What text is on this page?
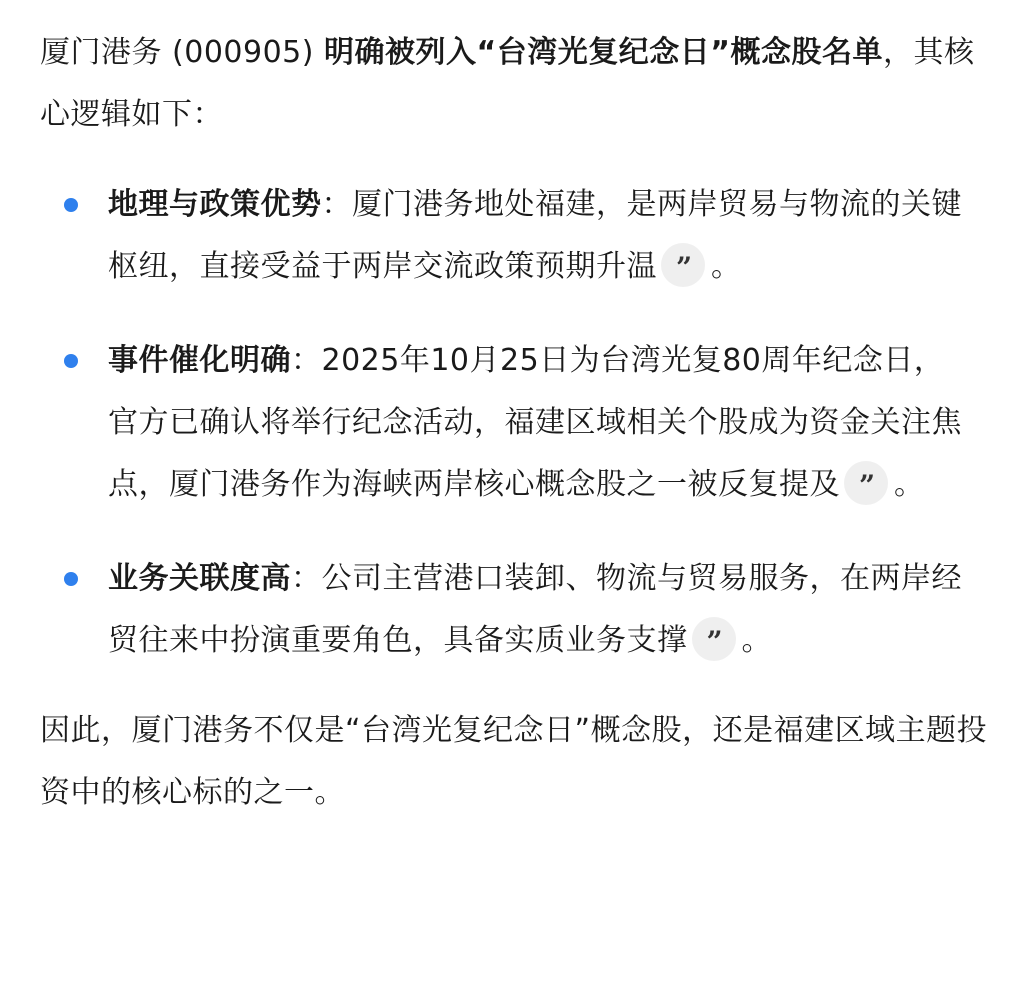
厦门港务 (000905) 明确被列入“台湾光复纪念日”概念股名单，其核心逻辑如下：

地理与政策优势：厦门港务地处福建，是两岸贸易与物流的关键枢纽，直接受益于两岸交流政策预期升温 ” 。
事件催化明确：2025年10月25日为台湾光复80周年纪念日，官方已确认将举行纪念活动，福建区域相关个股成为资金关注焦点，厦门港务作为海峡两岸核心概念股之一被反复提及 ” 。
业务关联度高：公司主营港口装卸、物流与贸易服务，在两岸经贸往来中扮演重要角色，具备实质业务支撑 ” 。

因此，厦门港务不仅是“台湾光复纪念日”概念股，还是福建区域主题投资中的核心标的之一。
